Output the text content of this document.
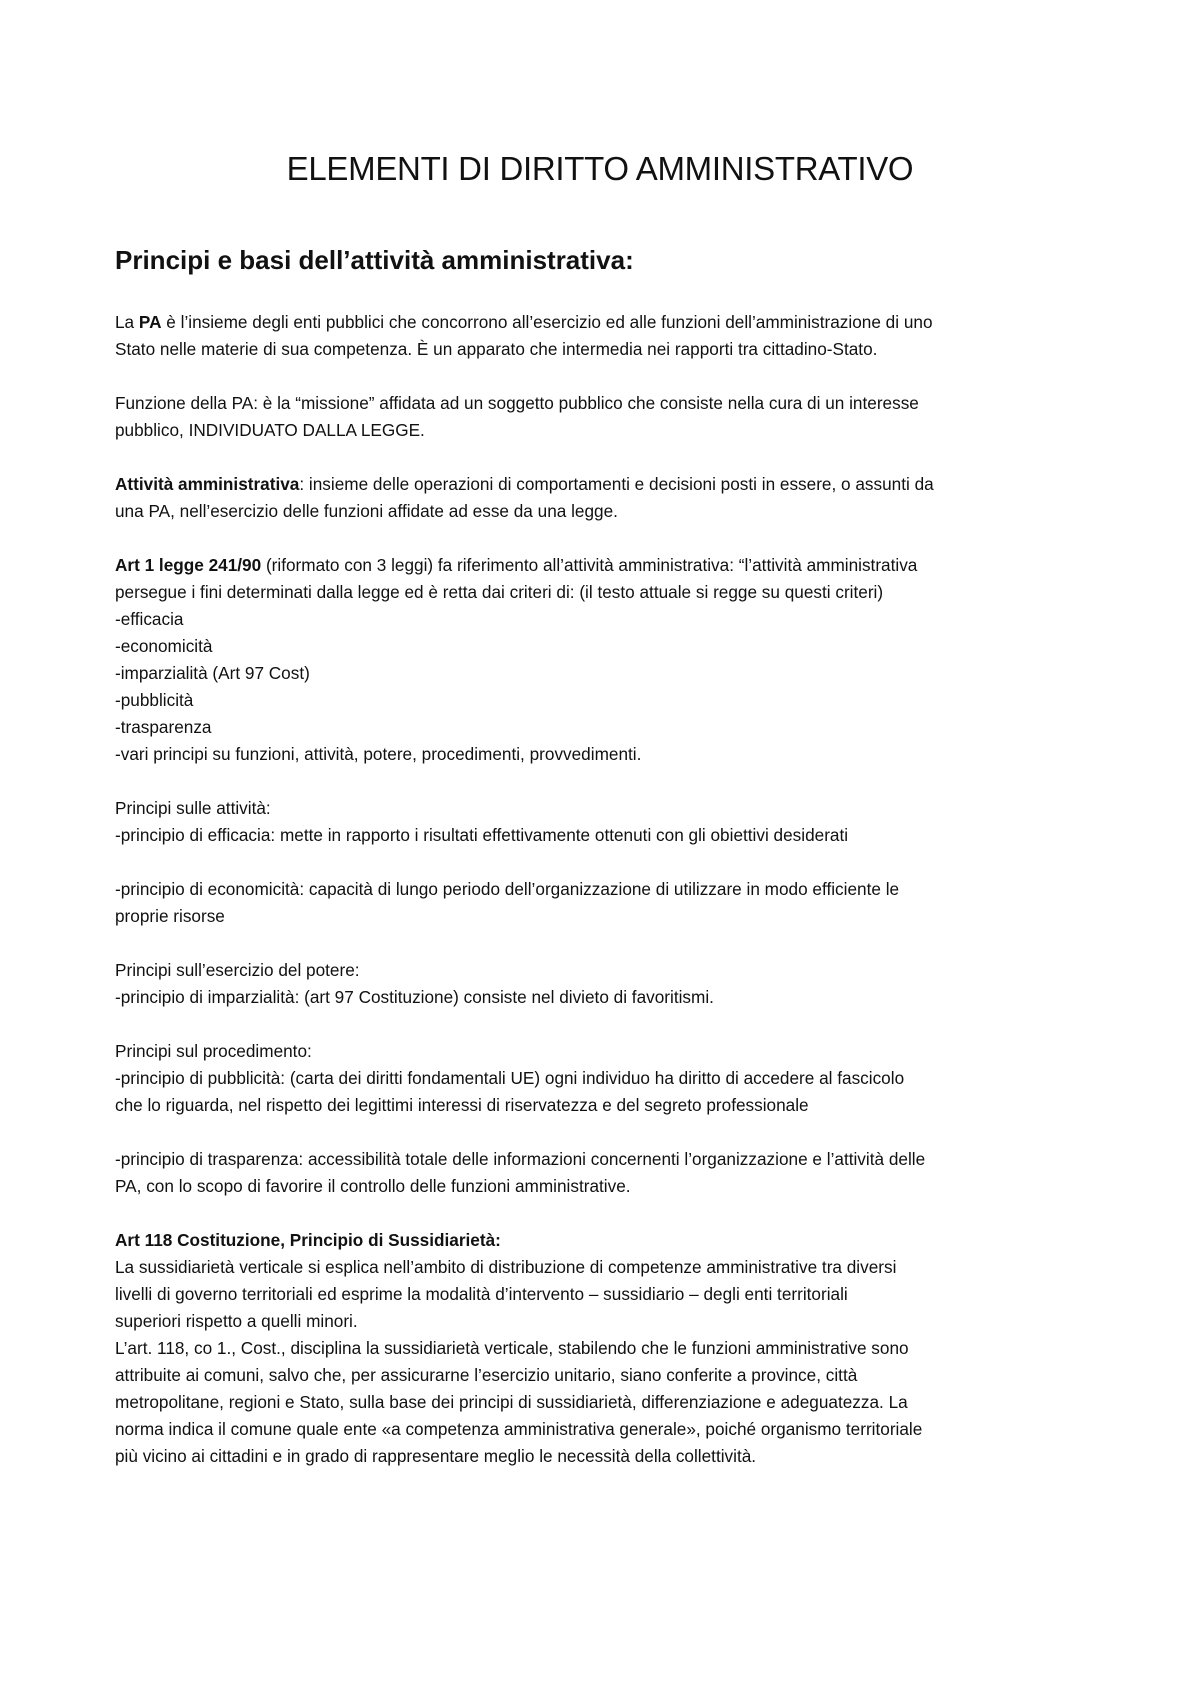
ELEMENTI DI DIRITTO AMMINISTRATIVO
Principi e basi dell’attività amministrativa:
La PA è l’insieme degli enti pubblici che concorrono all’esercizio ed alle funzioni dell’amministrazione di uno
Stato nelle materie di sua competenza. È un apparato che intermedia nei rapporti tra cittadino-Stato.
Funzione della PA: è la “missione” affidata ad un soggetto pubblico che consiste nella cura di un interesse
pubblico, INDIVIDUATO DALLA LEGGE.
Attività amministrativa: insieme delle operazioni di comportamenti e decisioni posti in essere, o assunti da
una PA, nell’esercizio delle funzioni affidate ad esse da una legge.
Art 1 legge 241/90 (riformato con 3 leggi) fa riferimento all’attività amministrativa: “l’attività amministrativa
persegue i fini determinati dalla legge ed è retta dai criteri di: (il testo attuale si regge su questi criteri)
-efficacia
-economicità
-imparzialità (Art 97 Cost)
-pubblicità
-trasparenza
-vari principi su funzioni, attività, potere, procedimenti, provvedimenti.
Principi sulle attività:
-principio di efficacia: mette in rapporto i risultati effettivamente ottenuti con gli obiettivi desiderati
-principio di economicità: capacità di lungo periodo dell’organizzazione di utilizzare in modo efficiente le
proprie risorse
Principi sull’esercizio del potere:
-principio di imparzialità: (art 97 Costituzione) consiste nel divieto di favoritismi.
Principi sul procedimento:
-principio di pubblicità: (carta dei diritti fondamentali UE) ogni individuo ha diritto di accedere al fascicolo
che lo riguarda, nel rispetto dei legittimi interessi di riservatezza e del segreto professionale
-principio di trasparenza: accessibilità totale delle informazioni concernenti l’organizzazione e l’attività delle
PA, con lo scopo di favorire il controllo delle funzioni amministrative.
Art 118 Costituzione, Principio di Sussidiarietà:
La sussidiarietà verticale si esplica nell’ambito di distribuzione di competenze amministrative tra diversi
livelli di governo territoriali ed esprime la modalità d’intervento – sussidiario – degli enti territoriali
superiori rispetto a quelli minori.
L’art. 118, co 1., Cost., disciplina la sussidiarietà verticale, stabilendo che le funzioni amministrative sono
attribuite ai comuni, salvo che, per assicurarne l’esercizio unitario, siano conferite a province, città
metropolitane, regioni e Stato, sulla base dei principi di sussidiarietà, differenziazione e adeguatezza. La
norma indica il comune quale ente «a competenza amministrativa generale», poiché organismo territoriale
più vicino ai cittadini e in grado di rappresentare meglio le necessità della collettività.
